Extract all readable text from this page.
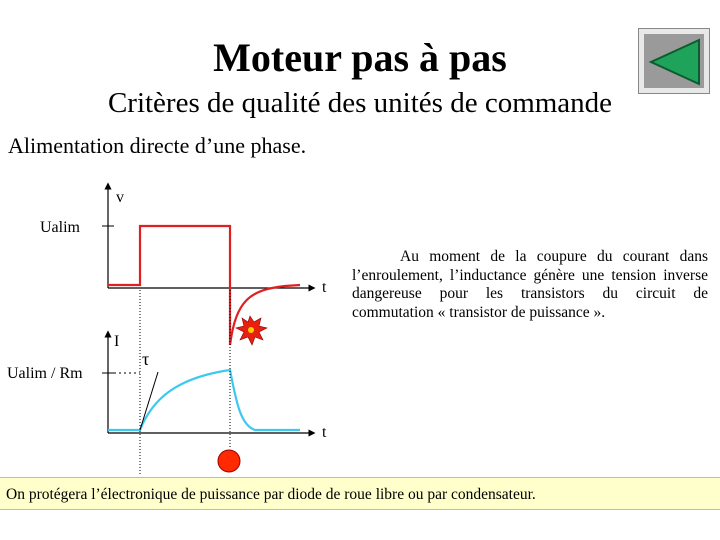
Moteur pas à pas
Critères de qualité des unités de commande
Alimentation directe d’une phase.
v
Ualim
t
I
Ualim / Rm
τ
t
Au moment de la coupure du courant dans l’enroulement, l’inductance génère une tension inverse dangereuse pour les transistors du circuit de commutation « transistor de puissance ».
On protégera l’électronique de puissance par diode de roue libre ou par condensateur.
